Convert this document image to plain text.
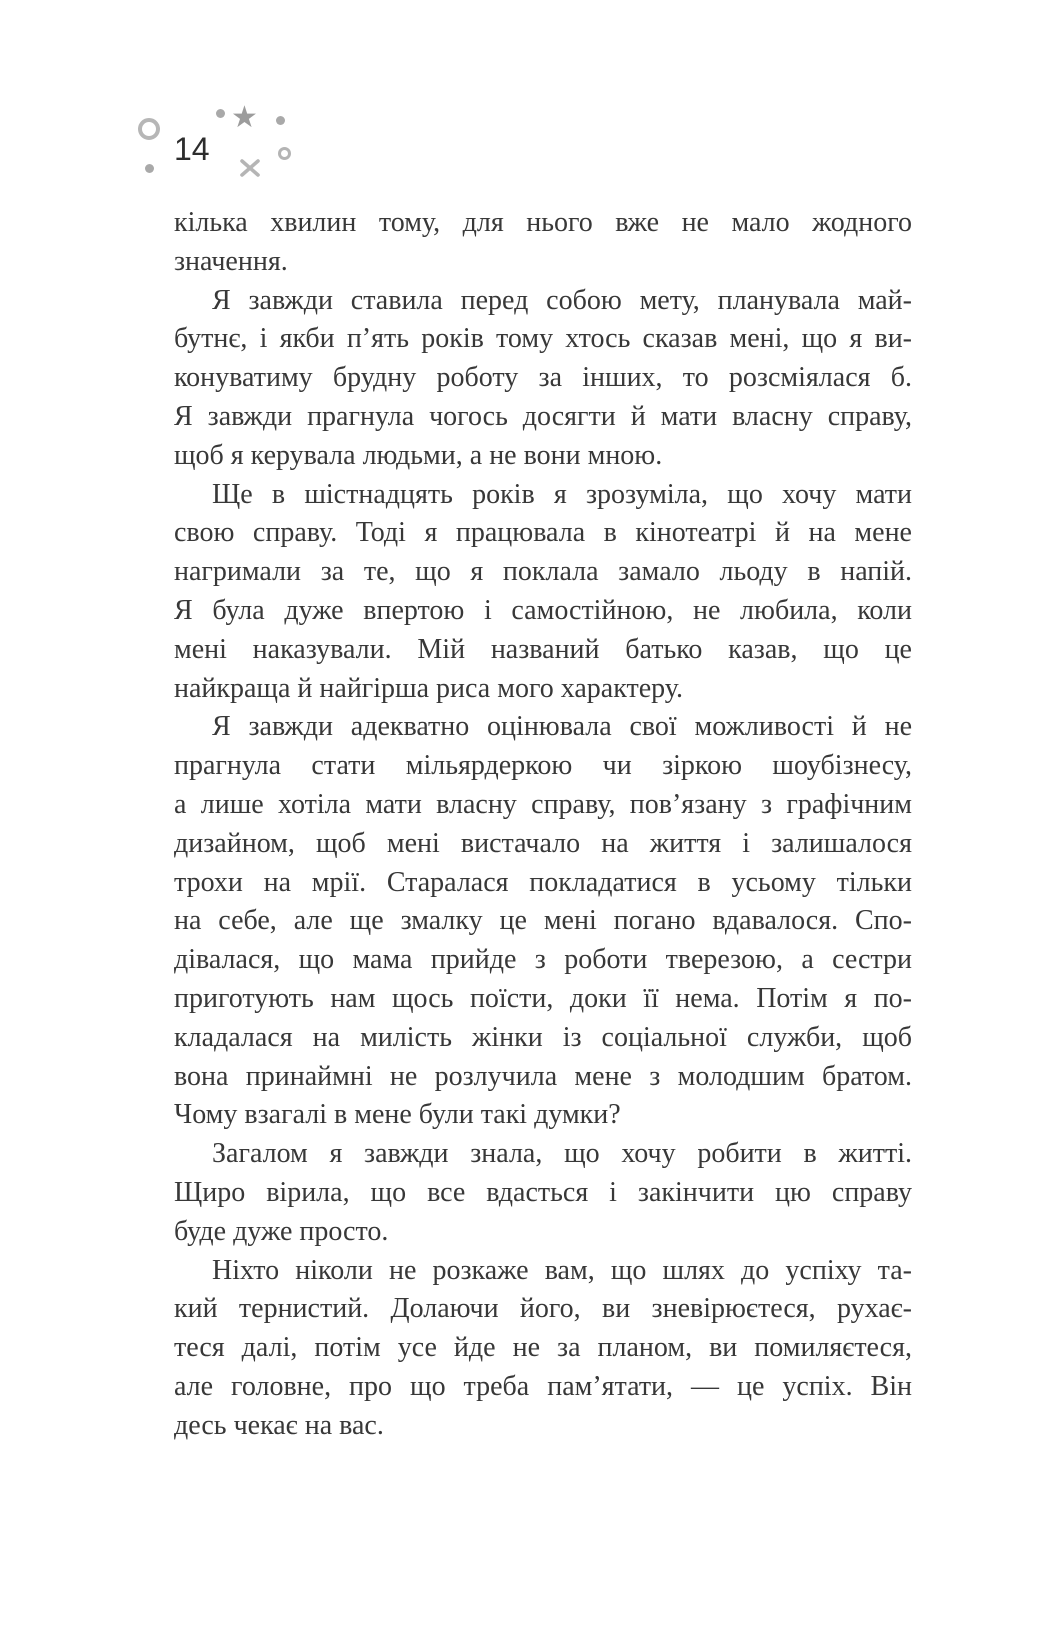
★
14
кілька хвилин тому, для нього вже не мало жодного
значення.
Я завжди ставила перед собою мету, планувала май-
бутнє, і якби п’ять років тому хтось сказав мені, що я ви-
конуватиму брудну роботу за інших, то розсміялася б.
Я завжди прагнула чогось досягти й мати власну справу,
щоб я керувала людьми, а не вони мною.
Ще в шістнадцять років я зрозуміла, що хочу мати
свою справу. Тоді я працювала в кінотеатрі й на мене
нагримали за те, що я поклала замало льоду в напій.
Я була дуже впертою і самостійною, не любила, коли
мені наказували. Мій названий батько казав, що це
найкраща й найгірша риса мого характеру.
Я завжди адекватно оцінювала свої можливості й не
прагнула стати мільярдеркою чи зіркою шоубізнесу,
а лише хотіла мати власну справу, пов’язану з графічним
дизайном, щоб мені вистачало на життя і залишалося
трохи на мрії. Старалася покладатися в усьому тільки
на себе, але ще змалку це мені погано вдавалося. Спо-
дівалася, що мама прийде з роботи тверезою, а сестри
приготують нам щось поїсти, доки її нема. Потім я по-
кладалася на милість жінки із соціальної служби, щоб
вона принаймні не розлучила мене з молодшим братом.
Чому взагалі в мене були такі думки?
Загалом я завжди знала, що хочу робити в житті.
Щиро вірила, що все вдасться і закінчити цю справу
буде дуже просто.
Ніхто ніколи не розкаже вам, що шлях до успіху та-
кий тернистий. Долаючи його, ви зневірюєтеся, рухає-
теся далі, потім усе йде не за планом, ви помиляєтеся,
але головне, про що треба пам’ятати, — це успіх. Він
десь чекає на вас.
